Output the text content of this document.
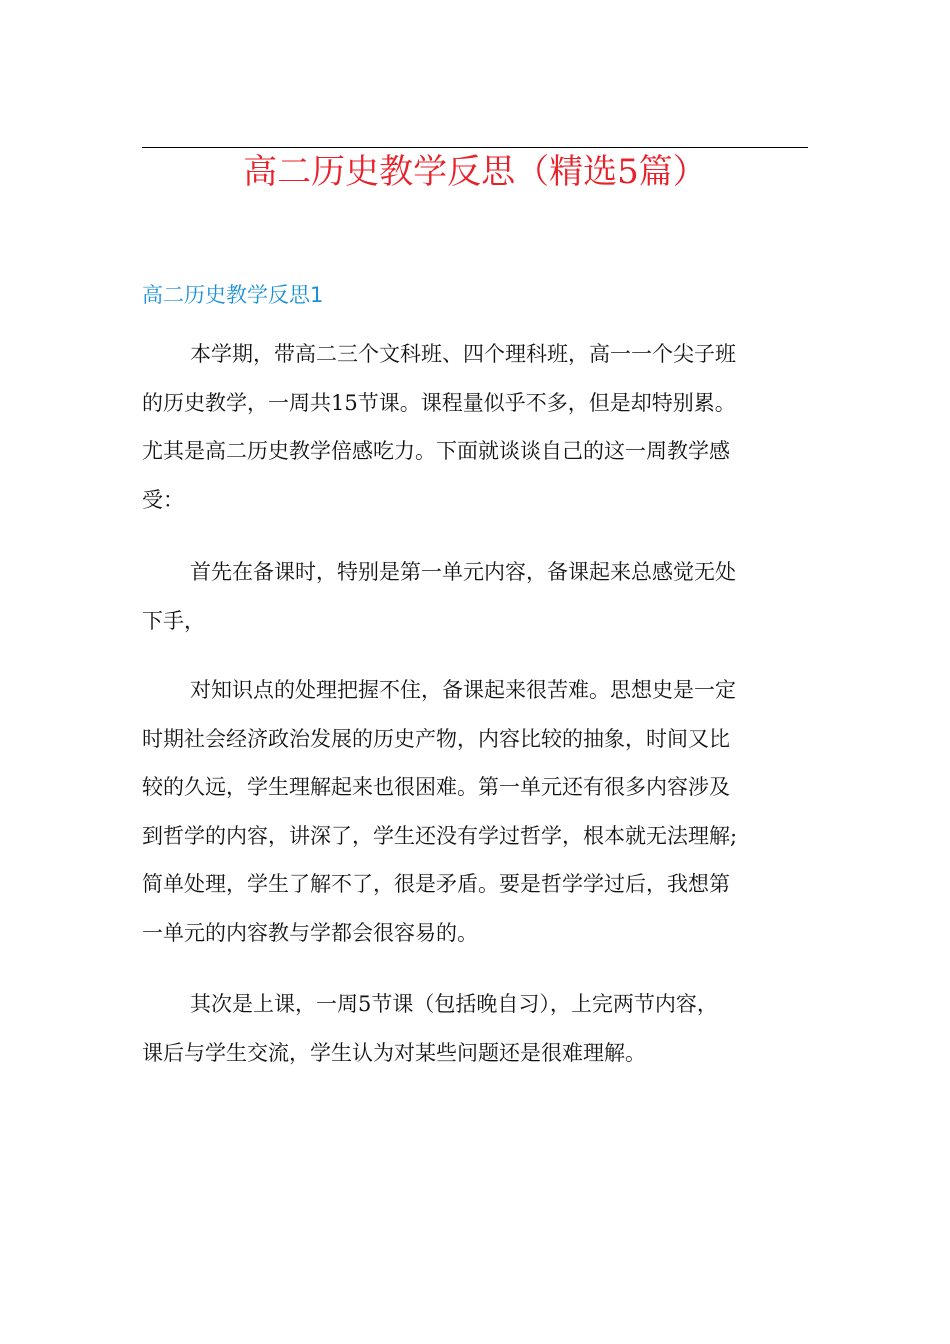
高二历史教学反思（精选5篇）
高二历史教学反思1
本学期，带高二三个文科班、四个理科班，高一一个尖子班
的历史教学，一周共15节课。课程量似乎不多，但是却特别累。
尤其是高二历史教学倍感吃力。下面就谈谈自己的这一周教学感
受：
首先在备课时，特别是第一单元内容，备课起来总感觉无处
下手，
对知识点的处理把握不住，备课起来很苦难。思想史是一定
时期社会经济政治发展的历史产物，内容比较的抽象，时间又比
较的久远，学生理解起来也很困难。第一单元还有很多内容涉及
到哲学的内容，讲深了，学生还没有学过哲学，根本就无法理解;
简单处理，学生了解不了，很是矛盾。要是哲学学过后，我想第
一单元的内容教与学都会很容易的。
其次是上课，一周5节课（包括晚自习），上完两节内容，
课后与学生交流，学生认为对某些问题还是很难理解。
